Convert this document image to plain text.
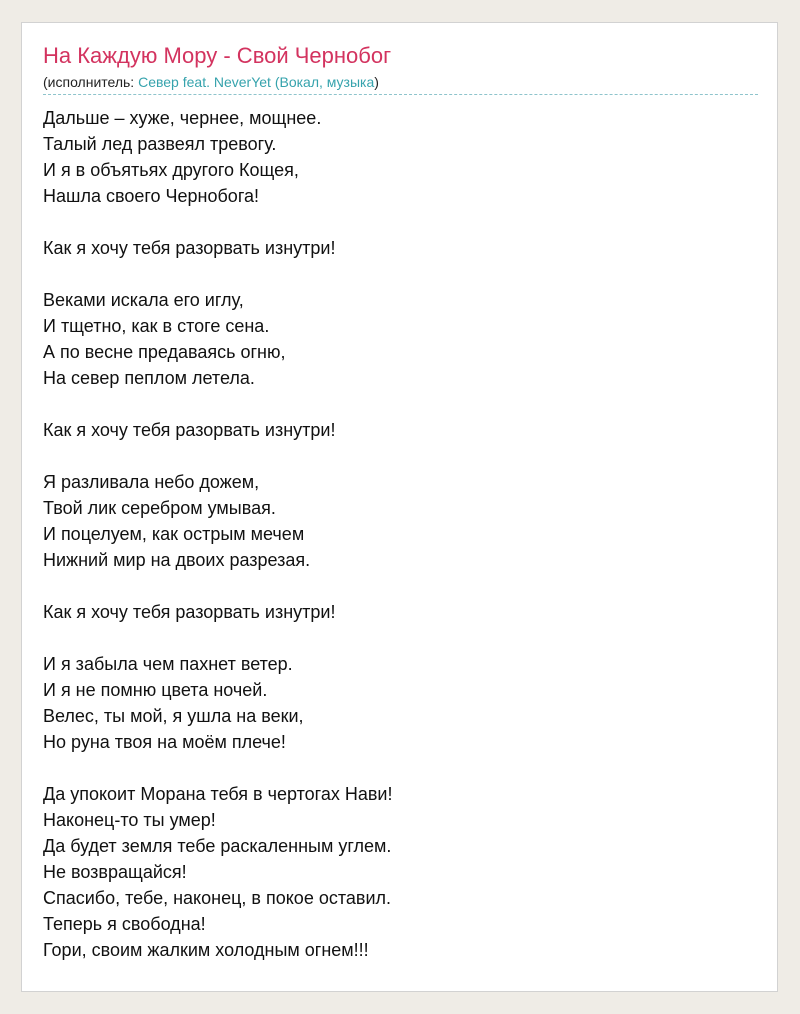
На Каждую Мору - Свой Чернобог
(исполнитель: Север feat. NeverYet (Вокал, музыка)
Дальше – хуже, чернее, мощнее.
Талый лед развеял тревогу.
И я в объятьях другого Кощея,
Нашла своего Чернобога!
Как я хочу тебя разорвать изнутри!
Веками искала его иглу,
И тщетно, как в стоге сена.
А по весне предаваясь огню,
На север пеплом летела.
Как я хочу тебя разорвать изнутри!
Я разливала небо дожем,
Твой лик серебром умывая.
И поцелуем, как острым мечем
Нижний мир на двоих разрезая.
Как я хочу тебя разорвать изнутри!
И я забыла чем пахнет ветер.
И я не помню цвета ночей.
Велес, ты мой, я ушла на веки,
Но руна твоя на моём плече!
Да упокоит Морана тебя в чертогах Нави!
Наконец-то ты умер!
Да будет земля тебе раскаленным углем.
Не возвращайся!
Спасибо, тебе, наконец, в покое оставил.
Теперь я свободна!
Гори, своим жалким холодным огнем!!!
